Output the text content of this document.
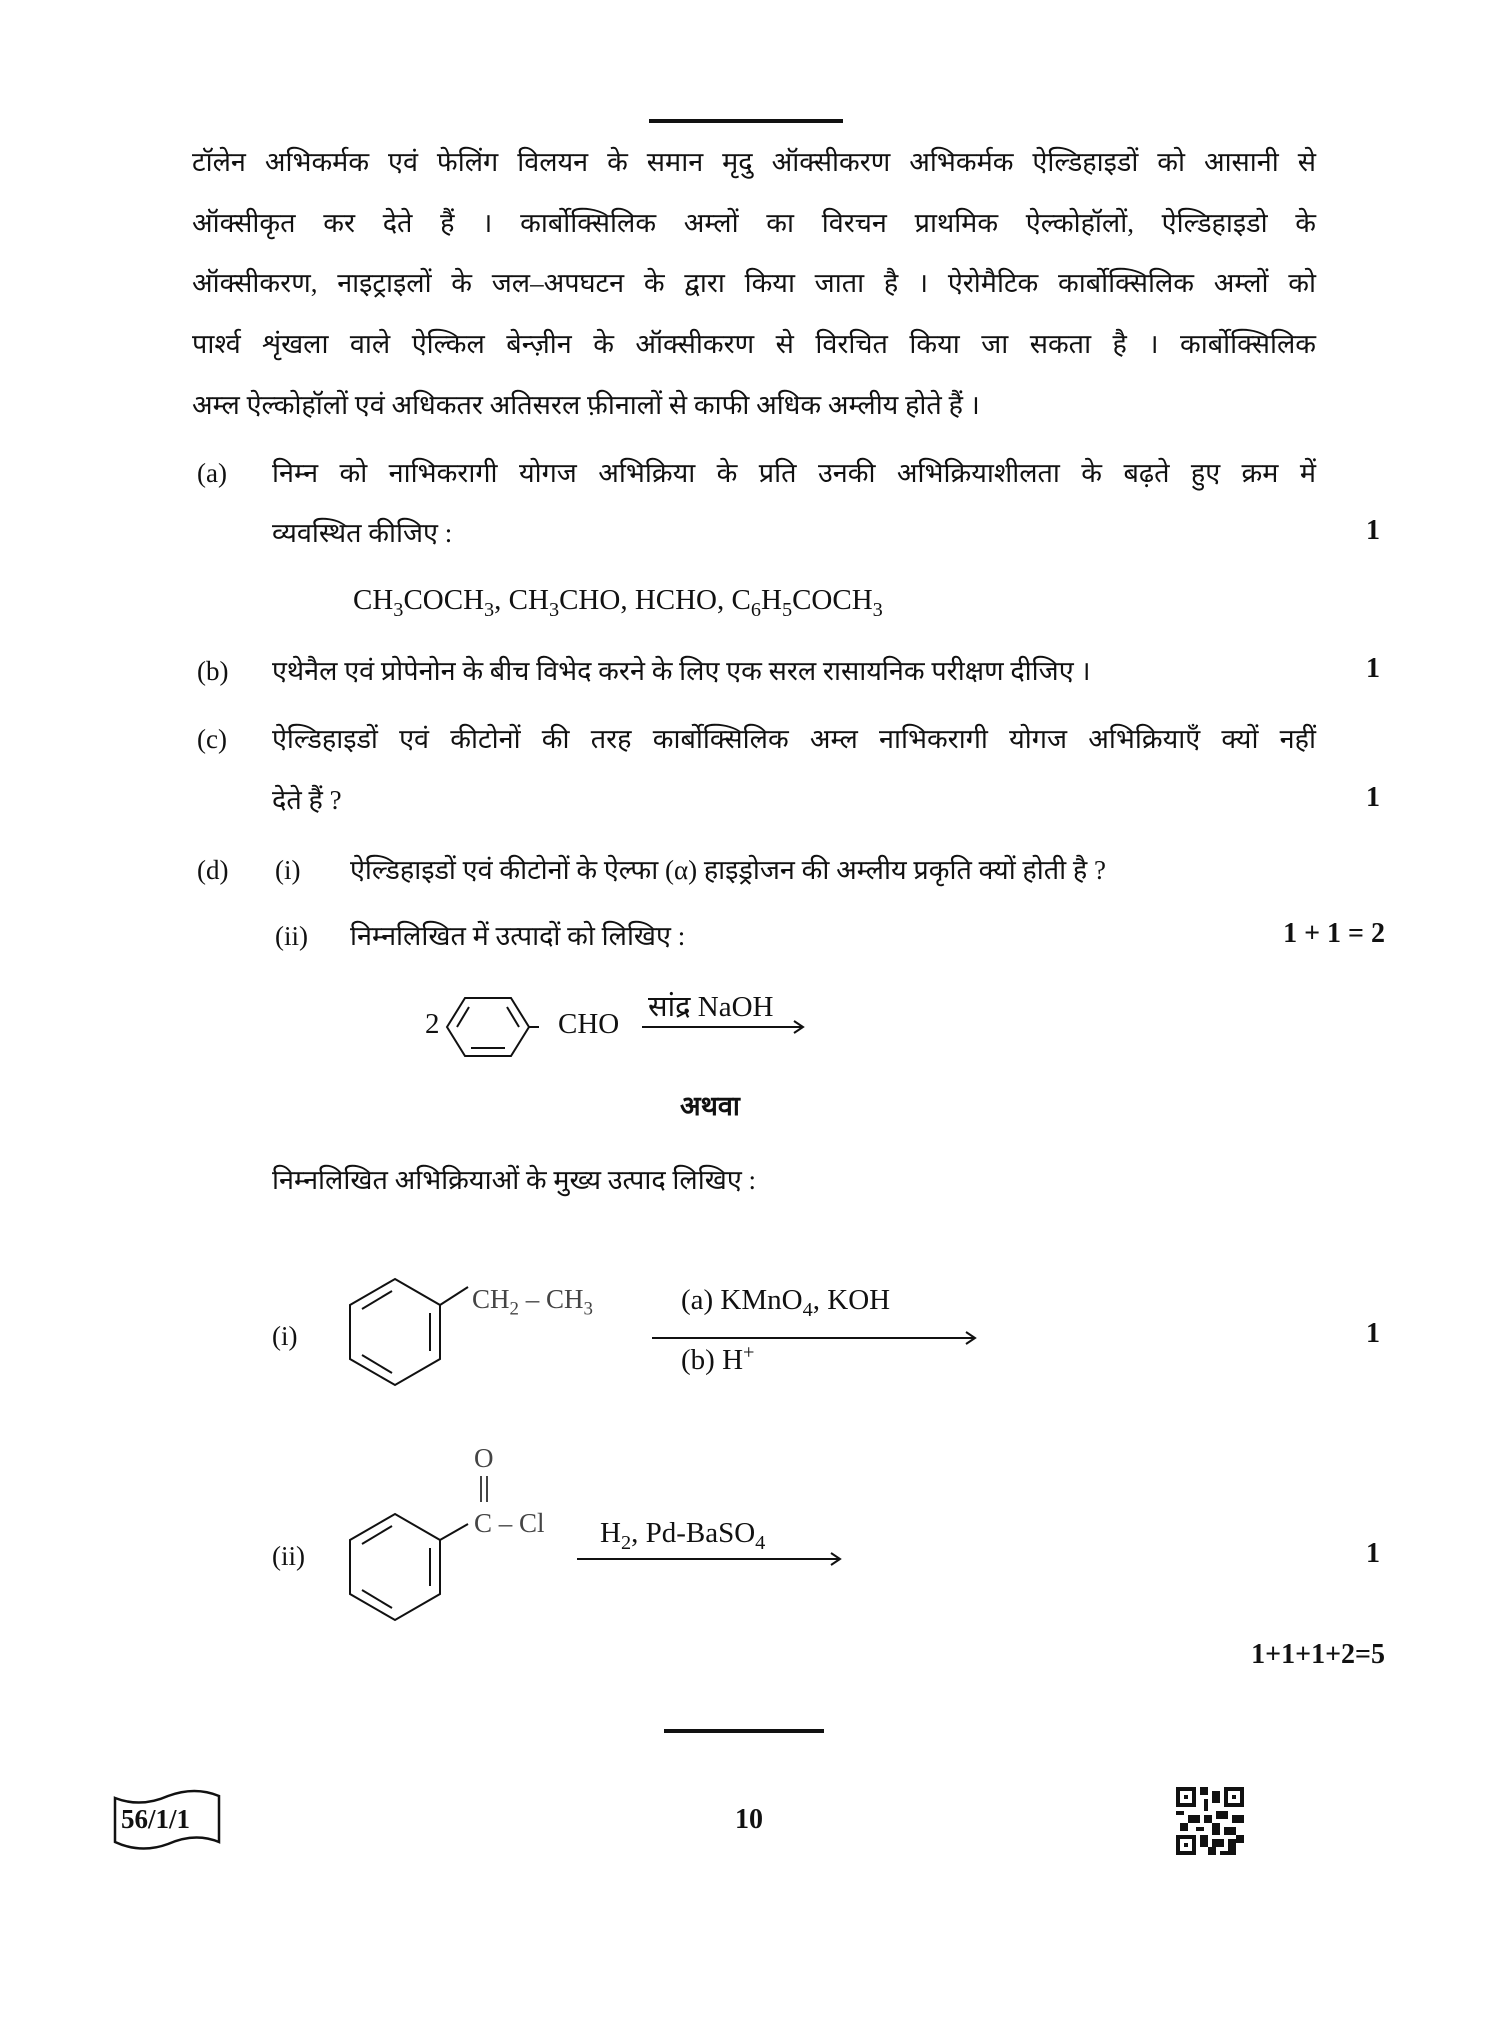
टॉलेन अभिकर्मक एवं फेलिंग विलयन के समान मृदु ऑक्सीकरण अभिकर्मक ऐल्डिहाइडों को आसानी से
ऑक्सीकृत कर देते हैं । कार्बोक्सिलिक अम्लों का विरचन प्राथमिक ऐल्कोहॉलों, ऐल्डिहाइडो के
ऑक्सीकरण, नाइट्राइलों के जल–अपघटन के द्वारा किया जाता है । ऐरोमैटिक कार्बोक्सिलिक अम्लों को
पार्श्व शृंखला वाले ऐल्किल बेन्ज़ीन के ऑक्सीकरण से विरचित किया जा सकता है । कार्बोक्सिलिक
अम्ल ऐल्कोहॉलों एवं अधिकतर अतिसरल फ़ीनालों से काफी अधिक अम्लीय होते हैं ।
(a) निम्न को नाभिकरागी योगज अभिक्रिया के प्रति उनकी अभिक्रियाशीलता के बढ़ते हुए क्रम में
व्यवस्थित कीजिए :	1
$CH_3COCH_3$, $CH_3CHO$, HCHO, $C_6H_5COCH_3$
(b) एथेनैल एवं प्रोपेनोन के बीच विभेद करने के लिए एक सरल रासायनिक परीक्षण दीजिए ।	1
(c) ऐल्डिहाइडों एवं कीटोनों की तरह कार्बोक्सिलिक अम्ल नाभिकरागी योगज अभिक्रियाएँ क्यों नहीं
देते हैं ?	1
(d) (i) ऐल्डिहाइडों एवं कीटोनों के ऐल्फा (α) हाइड्रोजन की अम्लीय प्रकृति क्यों होती है ?
(ii) निम्नलिखित में उत्पादों को लिखिए :	1 + 1 = 2
2	CHO
सांद्र NaOH
अथवा
निम्नलिखित अभिक्रियाओं के मुख्य उत्पाद लिखिए :
(i)
$CH_2 - CH_3$	(a) KMnO$_4$, KOH
(b) H+
1
(ii)
O
C – Cl $H_2$, Pd-BaSO$_4$	1
1+1+1+2=5
56/1/1	10
